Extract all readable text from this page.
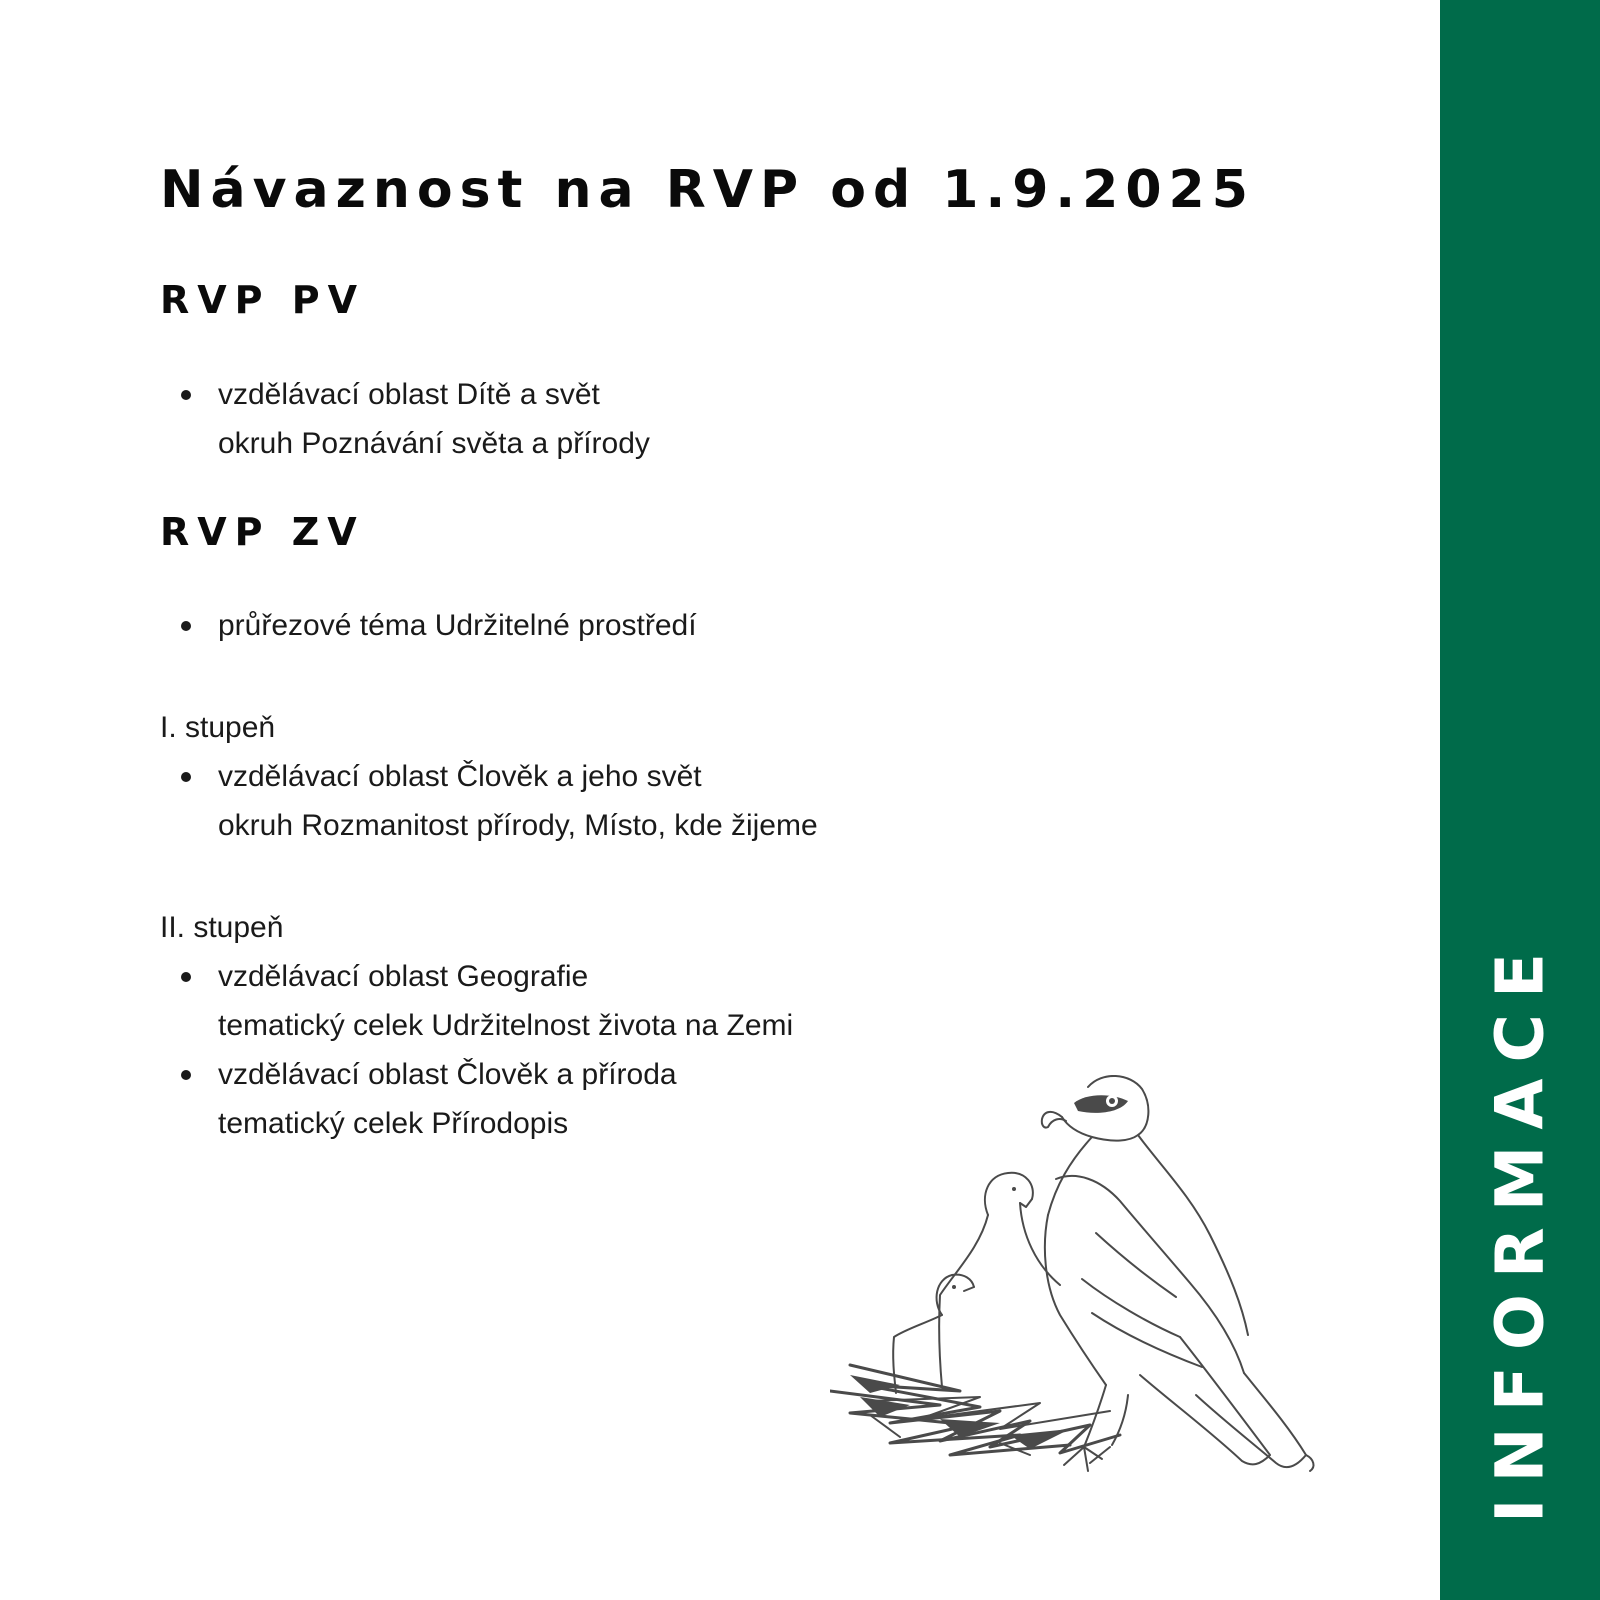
Návaznost na RVP od 1.9.2025
RVP PV
vzdělávací oblast Dítě a svět
okruh Poznávání světa a přírody
RVP ZV
průřezové téma Udržitelné prostředí

I. stupeň

vzdělávací oblast Člověk a jeho svět
okruh Rozmanitost přírody, Místo, kde žijeme

II. stupeň

vzdělávací oblast Geografie
tematický celek Udržitelnost života na Zemi
vzdělávací oblast Člověk a příroda
tematický celek Přírodopis	INFORMACE
